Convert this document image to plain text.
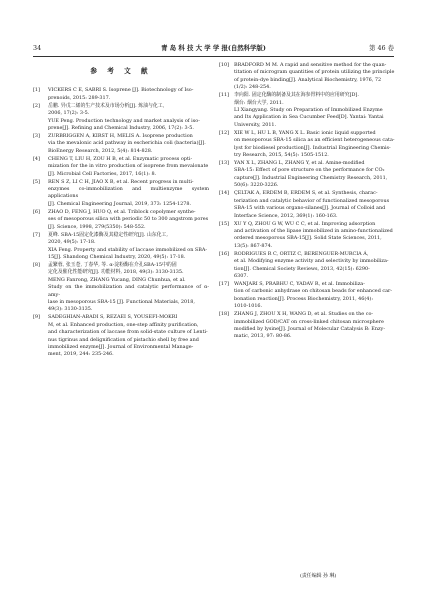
34	青 岛 科 技 大 学 学 报(自然科学版)	第 46 卷
参 考 文 献
[1] VICKERS C E, SABRI S. Isoprene [J]. Biotechnology of Iso-
prenoids, 2015: 289-317.
[2] 岳鹏. 异戊二烯的生产技术及市场分析[J]. 炼油与化工,
2006, 17(2): 3-5.
YUE Peng. Production technology and market analysis of iso-
prene[J]. Refining and Chemical Industry, 2006, 17(2): 3-5.
[3] ZURBRIGGEN A, KIRST H, MELIS A. Isoprene production
via the mevalonic acid pathway in escherichia coli (bacteria)[J].
BioEnergy Research, 2012, 5(4): 814-828.
[4] CHENG T, LIU H, ZOU H B, et al. Enzymatic process opti-
mization for the in vitro production of isoprene from mevalonate
[J]. Microbial Cell Factories, 2017, 16(1): 8.
[5] REN S Z, LI C H, JIAO X B, et al. Recent progress in multi-
enzymes co-immobilization and multienzyme system applications
[J]. Chemical Engineering Journal, 2019, 373: 1254-1278.
[6] ZHAO D, FENG J, HUO Q, et al. Triblock copolymer synthe-
ses of mesoporous silica with periodic 50 to 300 angstrom pores
[J]. Science, 1998, 279(5350): 548-552.
[7] 夏峰. SBA-15固定化漆酶及其稳定性研究[J]. 山东化工,
2020, 49(5): 17-18.
XIA Feng. Property and stability of laccase immobilized on SBA-
15[J]. Shandong Chemical Industry, 2020, 49(5): 17-18.
[8] 孟繁蓉, 张玉苍, 丁春华, 等. α-淀粉酶在介孔SBA-15中的固
定化及催化性能研究[J]. 功能材料, 2018, 49(3): 3130-3135.
MENG Fanrong, ZHANG Yucang, DING Chunhua, et al.
Study on the immobilization and catalytic performance of α-amy-
lase in mesoporous SBA-15 [J]. Functional Materials, 2018,
49(3): 3130-3135.
[9] SADEGHIAN-ABADI S, REZAEI S, YOUSEFI-MOKRI
M, et al. Enhanced production, one-step affinity purification,
and characterization of laccase from solid-state culture of Lenti-
nus tigrinus and delignification of pistachio shell by free and
immobilized enzyme[J]. Journal of Environmental Manage-
ment, 2019, 244: 235-246.
[10] BRADFORD M M. A rapid and sensitive method for the quan-
titation of microgram quantities of protein utilizing the principle
of protein-dye binding[J]. Analytical Biochemistry, 1976, 72
(1/2): 248-254.
[11] 李向阳. 固定化酶的制备及其在海参胃料中的应用研究[D].
烟台: 烟台大学, 2011.
LI Xiangyang. Study on Preparation of Immobilized Enzyme
and Its Application in Sea Cucumber Feed[D]. Yantai: Yantai
University, 2011.
[12] XIE W L, HU L B, YANG X L. Basic ionic liquid supported
on mesoporous SBA-15 silica as an efficient heterogeneous cata-
lyst for biodiesel production[J]. Industrial Engineering Chemis-
try Research, 2015, 54(5): 1505-1512.
[13] YAN X L, ZHANG L, ZHANG Y, et al. Amine-modified
SBA-15: Effect of pore structure on the performance for CO₂
capture[J]. Industrial Engineering Chemistry Research, 2011,
50(6): 3220-3226.
[14] ÇELTAK A, ERDEM B, ERDEM S, et al. Synthesis, charac-
terization and catalytic behavior of functionalized mesoporous
SBA-15 with various organo-silanes[J]. Journal of Colloid and
Interface Science, 2012, 369(1): 160-163.
[15] XU Y Q, ZHOU G W, WU C C, et al. Improving adsorption
and activation of the lipase immobilized in amino-functionalized
ordered mesoporous SBA-15[J]. Solid State Sciences, 2011,
13(5): 867-874.
[16] RODRIGUES R C, ORTIZ C, BERENGUER-MURCIA Á,
et al. Modifying enzyme activity and selectivity by immobiliza-
tion[J]. Chemical Society Reviews, 2013, 42(15): 6290-
6307.
[17] WANJARI S, PRABHU C, YADAV R, et al. Immobiliza-
tion of carbonic anhydrase on chitosan beads for enhanced car-
bonation reaction[J]. Process Biochemistry, 2011, 46(4):
1010-1016.
[18] ZHANG J, ZHOU X H, WANG D, et al. Studies on the co-
immobilized GOD/CAT on cross-linked chitosan microsphere
modified by lysine[J]. Journal of Molecular Catalysis B: Enzy-
matic, 2013, 97: 80-86.
(责任编辑 孙 琳)
